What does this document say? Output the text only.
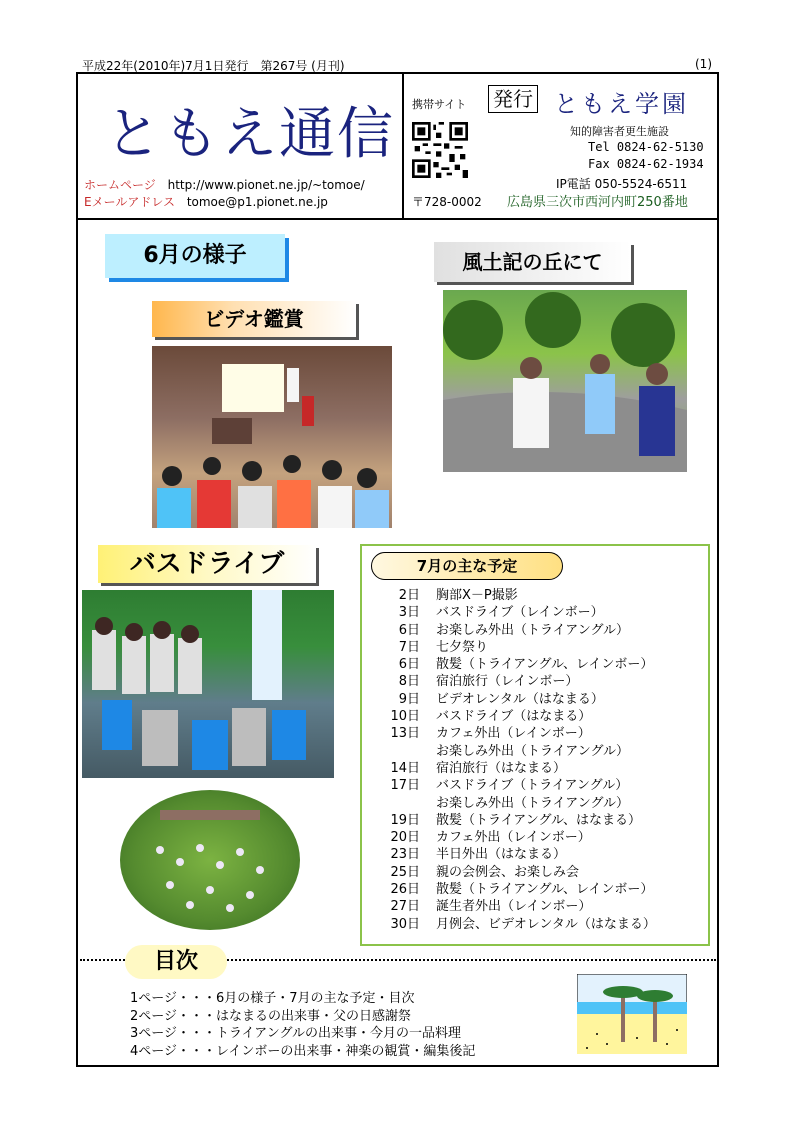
平成22年(2010年)7月1日発行　第267号 (月刊)	(1)
ともえ通信
ホームページ http://www.pionet.ne.jp/~tomoe/
Eメールアドレス tomoe@p1.pionet.ne.jp
携帯サイト 発行 ともえ学園
知的障害者更生施設
Tel 0824-62-5130
Fax 0824-62-1934
IP電話 050-5524-6511
〒728-0002 広島県三次市西河内町250番地
6月の様子
ビデオ鑑賞
風土記の丘にて
バスドライブ	7月の主な予定
2日	胸部X－P撮影
3日	バスドライブ（レインボー）
6日	お楽しみ外出（トライアングル）
7日	七夕祭り
6日	散髪（トライアングル、レインボー）
8日	宿泊旅行（レインボー）
9日	ビデオレンタル（はなまる）
10日	バスドライブ（はなまる）
13日	カフェ外出（レインボー）
お楽しみ外出（トライアングル）
14日	宿泊旅行（はなまる）
17日	バスドライブ（トライアングル）
お楽しみ外出（トライアングル）
19日	散髪（トライアングル、はなまる）
20日	カフェ外出（レインボー）
23日	半日外出（はなまる）
25日	親の会例会、お楽しみ会
26日	散髪（トライアングル、レインボー）
27日	誕生者外出（レインボー）
30日	月例会、ビデオレンタル（はなまる）
目次
1ページ・・・6月の様子・7月の主な予定・目次
2ページ・・・はなまるの出来事・父の日感謝祭
3ページ・・・トライアングルの出来事・今月の一品料理
4ページ・・・レインボーの出来事・神楽の観賞・編集後記
